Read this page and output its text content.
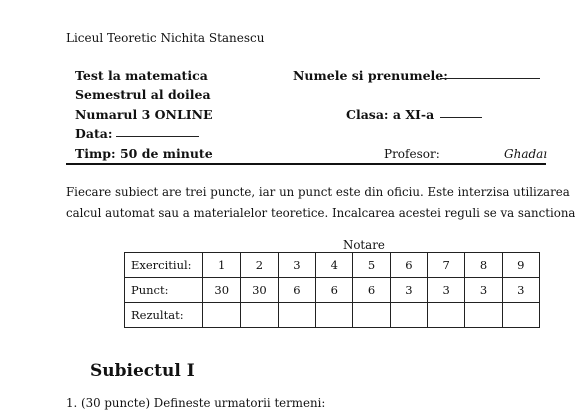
Liceul Teoretic Nichita Stanescu
Test la matematica
Semestrul al doilea
Numarul 3 ONLINE
Data:
Timp: 50 de minute
Numele si prenumele:
Clasa: a XI-a
Profesor:	Ghadaı
Fiecare subiect are trei puncte, iar un punct este din oficiu. Este interzisa utilizarea
calcul automat sau a materialelor teoretice. Incalcarea acestei reguli se va sanctiona
Notare
Exercitiul:	1	2	3	4	5	6	7	8	9
Punct:	30	30	6	6	6	3	3	3	3
Rezultat:									
Subiectul I
1. (30 puncte) Defineste urmatorii termeni:
